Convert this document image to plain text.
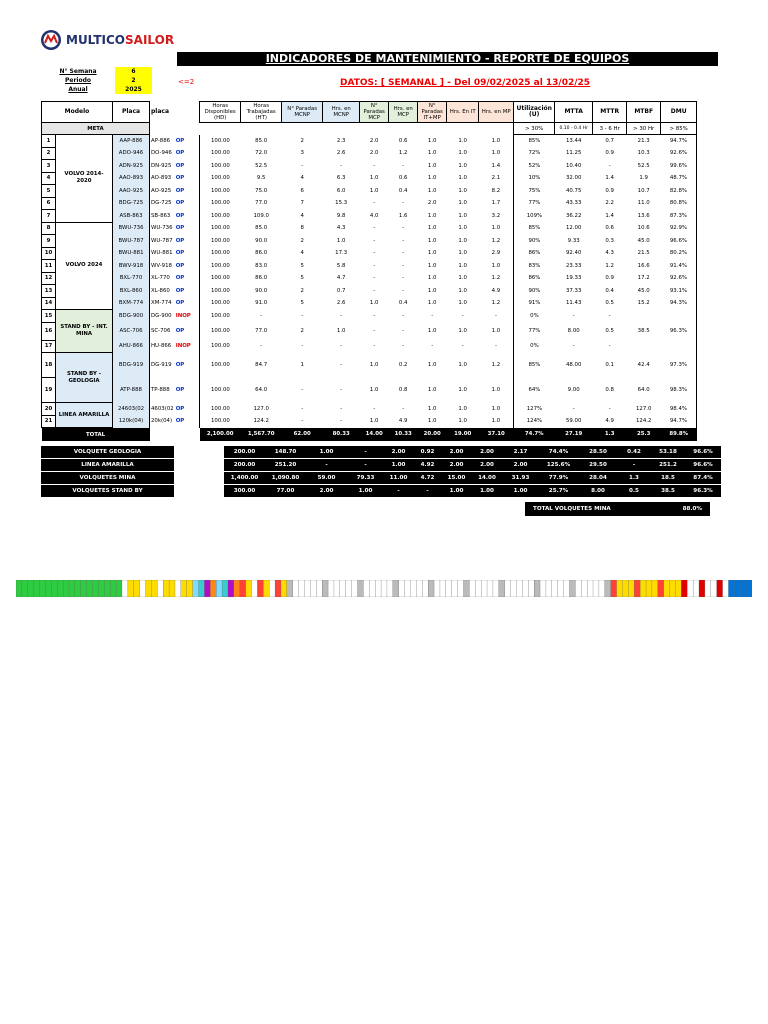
MULTICOSAILOR
INDICADORES DE MANTENIMIENTO - REPORTE DE EQUIPOS
N° Semana	6
Periodo	2
Anual	2025
<=2	DATOS: [ SEMANAL ] - Del 09/02/2025 al 13/02/25
Modelo		Placa	placa		Horas Disponibles (HD)	Horas Trabajadas (HT)	N° Paradas MCNP	Hrs. en MCNP	N° Paradas MCP	Hrs. en MCP	N° Paradas IT+MP	Hrs. En IT	Hrs. en MP	Utilización (U)	MTTA	MTTR	MTBF	DMU
META														> 30%	0.10 - 0.4 Hr	3 - 6 Hr	> 30 Hr	> 85%
1	VOLVO 2014-2020	AAP-886	AP-886	OP	100.00	85.0	2	2.3	2.0	0.6	1.0	1.0	1.0	85%	13.44	0.7	21.3	94.7%
2		ADO-946	DO-946	OP	100.00	72.0	3	2.6	2.0	1.2	1.0	1.0	1.0	72%	11.25	0.9	10.3	92.6%
3		ADN-925	DN-925	OP	100.00	52.5	-	-	-	-	1.0	1.0	1.4	52%	10.40	-	52.5	99.6%
4		AAO-893	AO-893	OP	100.00	9.5	4	6.3	1.0	0.6	1.0	1.0	2.1	10%	32.00	1.4	1.9	48.7%
5		AAO-925	AO-925	OP	100.00	75.0	6	6.0	1.0	0.4	1.0	1.0	8.2	75%	40.75	0.9	10.7	82.8%
6		BDG-725	DG-725	OP	100.00	77.0	7	15.3	-	-	2.0	1.0	1.7	77%	43.33	2.2	11.0	80.8%
7		ASB-863	SB-863	OP	100.00	109.0	4	9.8	4.0	1.6	1.0	1.0	3.2	109%	36.22	1.4	13.6	87.3%
8	VOLVO 2024	BWU-736	WU-736	OP	100.00	85.0	8	4.3	-	-	1.0	1.0	1.0	85%	12.00	0.6	10.6	92.9%
9		BWU-787	WU-787	OP	100.00	90.0	2	1.0	-	-	1.0	1.0	1.2	90%	9.33	0.3	45.0	96.6%
10		BWU-881	WU-881	OP	100.00	86.0	4	17.3	-	-	1.0	1.0	2.9	86%	92.40	4.3	21.5	80.2%
11		BWV-918	WV-918	OP	100.00	83.0	5	5.8	-	-	1.0	1.0	1.0	83%	23.33	1.2	16.6	91.4%
12		BXL-770	XL-770	OP	100.00	86.0	5	4.7	-	-	1.0	1.0	1.2	86%	19.33	0.9	17.2	92.6%
13		BXL-860	XL-860	OP	100.00	90.0	2	0.7	-	-	1.0	1.0	4.9	90%	37.33	0.4	45.0	93.1%
14		BXM-774	XM-774	OP	100.00	91.0	5	2.6	1.0	0.4	1.0	1.0	1.2	91%	11.43	0.5	15.2	94.3%
15	STAND BY - INT. MINA	BDG-900	DG-900	INOP	100.00	-	-	-	-	-	-	-	-	0%	-	-		
16		ASC-706	SC-706	OP	100.00	77.0	2	1.0	-	-	1.0	1.0	1.0	77%	8.00	0.5	38.5	96.3%
17		AHU-866	HU-866	INOP	100.00	-	-	-	-	-	-	-	-	0%	-	-		
18	STAND BY - GEOLOGIA	BDG-919	DG-919	OP	100.00	84.7	1	-	1.0	0.2	1.0	1.0	1.2	85%	48.00	0.1	42.4	97.3%
19		ATP-888	TP-888	OP	100.00	64.0	-	-	1.0	0.8	1.0	1.0	1.0	64%	9.00	0.8	64.0	98.3%
20	LINEA AMARILLA	24603(02	4603(02	OP	100.00	127.0	-	-	-	-	1.0	1.0	1.0	127%	-	-	127.0	98.4%
21		120k(04)	20k(04)	OP	100.00	124.2	-	-	1.0	4.9	1.0	1.0	1.0	124%	59.00	4.9	124.2	94.7%
TOTAL					2,100.00	1,567.70	62.00	80.33	14.00	10.33	20.00	19.00	37.10	74.7%	27.19	1.3	25.3	89.8%
VOLQUETE GEOLOGIA			200.00	148.70	1.00	-	2.00	0.92	2.00	2.00	2.17	74.4%	28.50	0.42	53.18	96.6%

LINEA AMARILLA			200.00	251.20	-	-	1.00	4.92	2.00	2.00	2.00	125.6%	29.50	-	251.2	96.6%

VOLQUETES MINA			1,400.00	1,090.80	59.00	79.33	11.00	4.72	15.00	14.00	31.93	77.9%	28.04	1.3	18.5	87.4%

VOLQUETES STAND BY			300.00	77.00	2.00	1.00	-	-	1.00	1.00	1.00	25.7%	8.00	0.5	38.5	96.3%
TOTAL VOLQUETES MINA	88.0%
